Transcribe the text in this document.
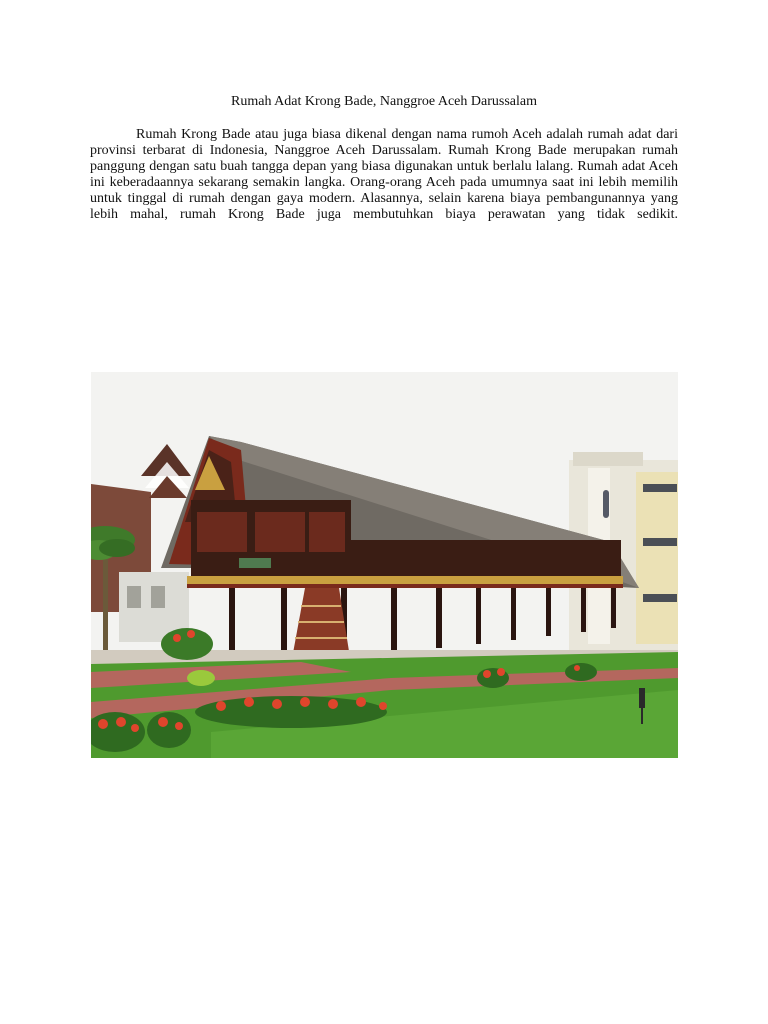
Rumah Adat Krong Bade, Nanggroe Aceh Darussalam

Rumah Krong Bade atau juga biasa dikenal dengan nama rumoh Aceh adalah rumah adat dari provinsi terbarat di Indonesia, Nanggroe Aceh Darussalam. Rumah Krong Bade merupakan rumah panggung dengan satu buah tangga depan yang biasa digunakan untuk berlalu lalang. Rumah adat Aceh ini keberadaannya sekarang semakin langka. Orang-orang Aceh pada umumnya saat ini lebih memilih untuk tinggal di rumah dengan gaya modern. Alasannya, selain karena biaya pembangunannya yang lebih mahal, rumah Krong Bade juga membutuhkan biaya perawatan yang tidak sedikit.
